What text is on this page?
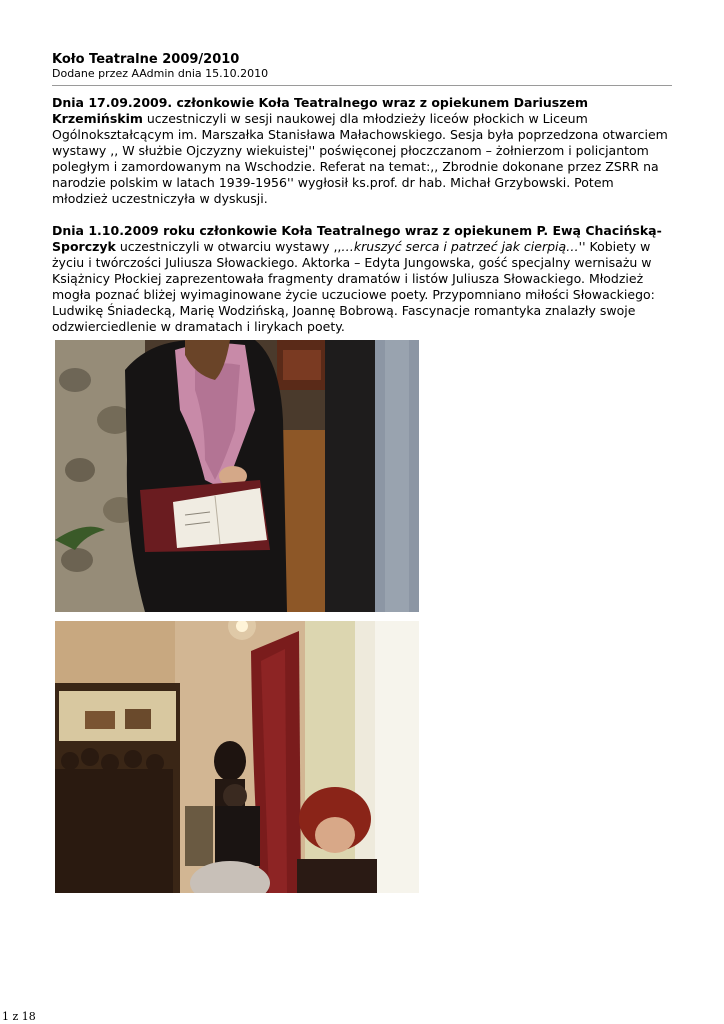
Koło Teatralne 2009/2010
Dodane przez AAdmin dnia 15.10.2010

Dnia 17.09.2009. członkowie Koła Teatralnego wraz z opiekunem Dariuszem Krzemińskim uczestniczyli w sesji naukowej dla młodzieży liceów płockich w Liceum Ogólnokształcącym im. Marszałka Stanisława Małachowskiego. Sesja była poprzedzona otwarciem wystawy ,, W służbie Ojczyzny wiekuistej'' poświęconej płoczczanom – żołnierzom i policjantom poległym i zamordowanym na Wschodzie. Referat na temat:,, Zbrodnie dokonane przez ZSRR na narodzie polskim w latach 1939-1956'' wygłosił ks.prof. dr hab. Michał Grzybowski. Potem młodzież uczestniczyła w dyskusji.

Dnia 1.10.2009 roku członkowie Koła Teatralnego wraz z opiekunem P. Ewą Chacińską-Sporczyk uczestniczyli w otwarciu wystawy ,,…kruszyć serca i patrzeć jak cierpią…'' Kobiety w życiu i twórczości Juliusza Słowackiego. Aktorka – Edyta Jungowska, gość specjalny wernisażu w Książnicy Płockiej zaprezentowała fragmenty dramatów i listów Juliusza Słowackiego. Młodzież mogła poznać bliżej wyimaginowane życie uczuciowe poety. Przypomniano miłości Słowackiego: Ludwikę Śniadecką, Marię Wodzińską, Joannę Bobrową. Fascynacje romantyka znalazły swoje odzwierciedlenie w dramatach i lirykach poety.

1 z 18
